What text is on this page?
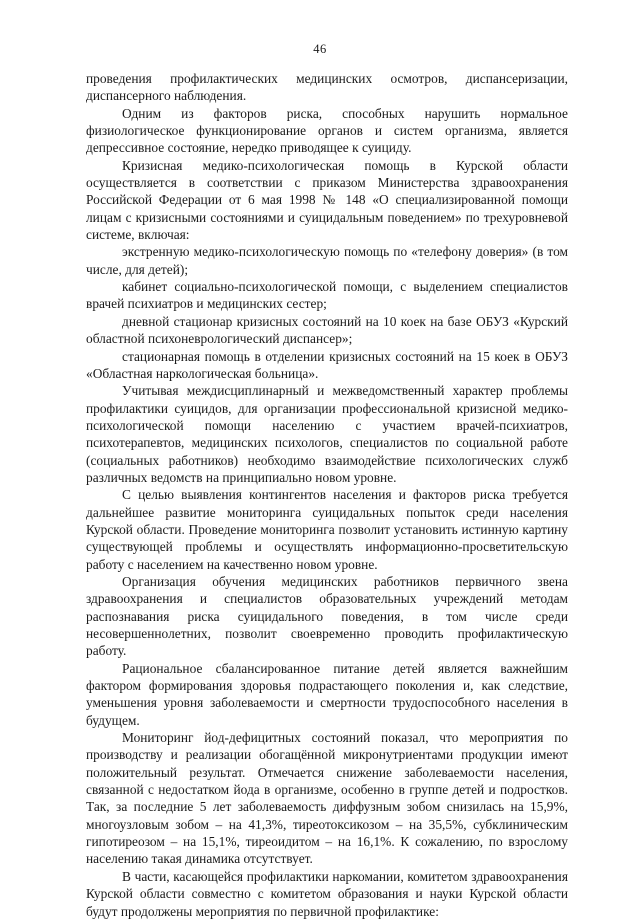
46

проведения профилактических медицинских осмотров, диспансеризации, диспансерного наблюдения.

Одним из факторов риска, способных нарушить нормальное физиологическое функционирование органов и систем организма, является депрессивное состояние, нередко приводящее к суициду.

Кризисная медико-психологическая помощь в Курской области осуществляется в соответствии с приказом Министерства здравоохранения Российской Федерации от 6 мая 1998 № 148 «О специализированной помощи лицам с кризисными состояниями и суицидальным поведением» по трехуровневой системе, включая:

экстренную медико-психологическую помощь по «телефону доверия» (в том числе, для детей);

кабинет социально-психологической помощи, с выделением специалистов врачей психиатров и медицинских сестер;

дневной стационар кризисных состояний на 10 коек на базе ОБУЗ «Курский областной психоневрологический диспансер»;

стационарная помощь в отделении кризисных состояний на 15 коек в ОБУЗ «Областная наркологическая больница».

Учитывая междисциплинарный и межведомственный характер проблемы профилактики суицидов, для организации профессиональной кризисной медико-психологической помощи населению с участием врачей-психиатров, психотерапевтов, медицинских психологов, специалистов по социальной работе (социальных работников) необходимо взаимодействие психологических служб различных ведомств на принципиально новом уровне.

С целью выявления контингентов населения и факторов риска требуется дальнейшее развитие мониторинга суицидальных попыток среди населения Курской области. Проведение мониторинга позволит установить истинную картину существующей проблемы и осуществлять информационно-просветительскую работу с населением на качественно новом уровне.

Организация обучения медицинских работников первичного звена здравоохранения и специалистов образовательных учреждений методам распознавания риска суицидального поведения, в том числе среди несовершеннолетних, позволит своевременно проводить профилактическую работу.

Рациональное сбалансированное питание детей является важнейшим фактором формирования здоровья подрастающего поколения и, как следствие, уменьшения уровня заболеваемости и смертности трудоспособного населения в будущем.

Мониторинг йод-дефицитных состояний показал, что мероприятия по производству и реализации обогащённой микронутриентами продукции имеют положительный результат. Отмечается снижение заболеваемости населения, связанной с недостатком йода в организме, особенно в группе детей и подростков. Так, за последние 5 лет заболеваемость диффузным зобом снизилась на 15,9%, многоузловым зобом – на 41,3%, тиреотоксикозом – на 35,5%, субклиническим гипотиреозом – на 15,1%, тиреоидитом – на 16,1%. К сожалению, по взрослому населению такая динамика отсутствует.

В части, касающейся профилактики наркомании, комитетом здравоохранения Курской области совместно с комитетом образования и науки Курской области будут продолжены мероприятия по первичной профилактике:
